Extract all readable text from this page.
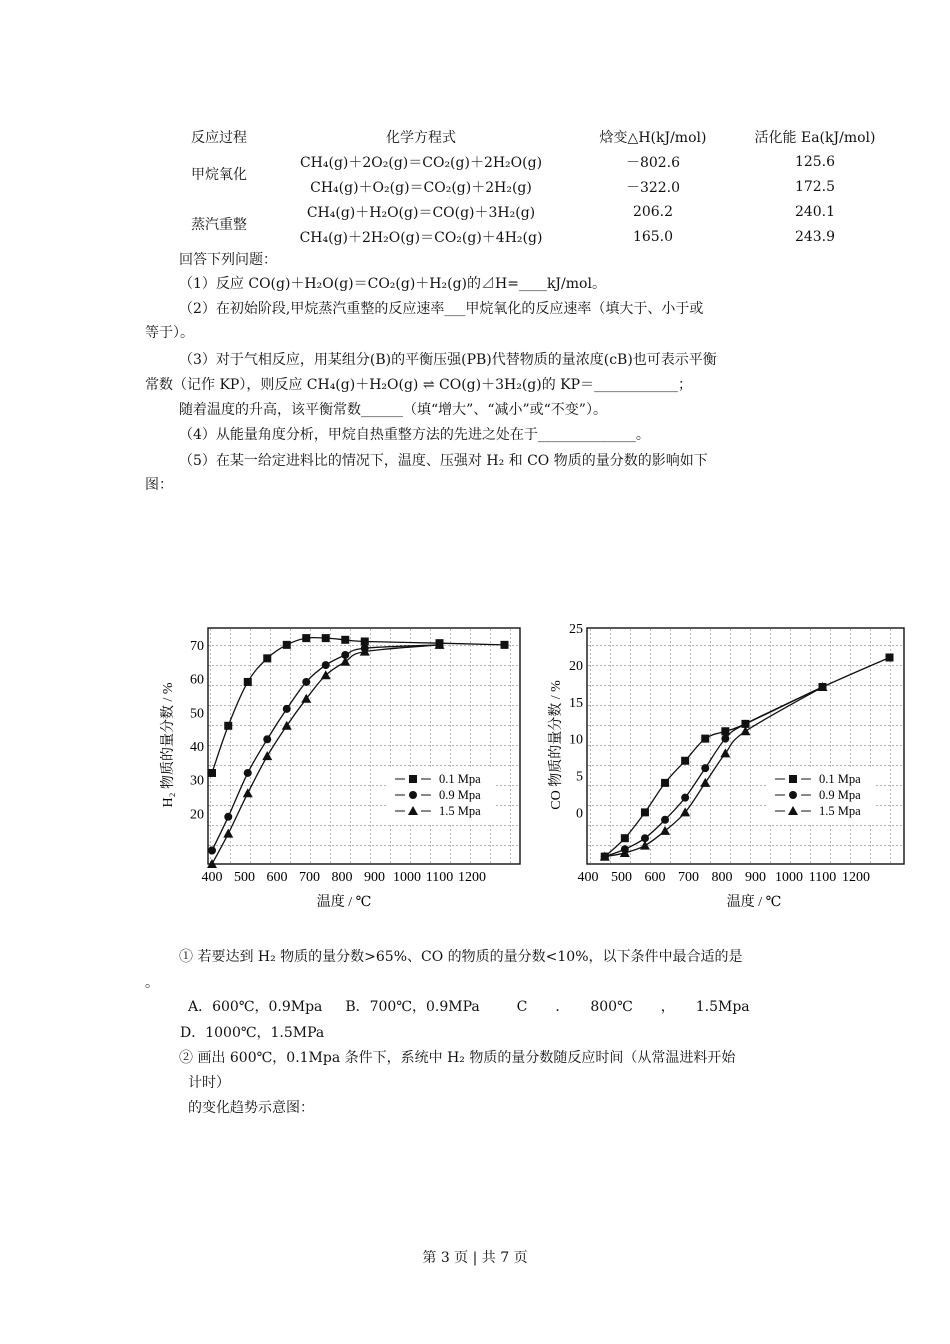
反应过程	化学方程式	焓变△H(kJ/mol)	活化能 Ea(kJ/mol)
甲烷氧化	CH₄(g)＋2O₂(g)＝CO₂(g)＋2H₂O(g)	－802.6	125.6
	CH₄(g)＋O₂(g)＝CO₂(g)＋2H₂(g)	－322.0	172.5
蒸汽重整	CH₄(g)＋H₂O(g)＝CO(g)＋3H₂(g)	206.2	240.1
	CH₄(g)＋2H₂O(g)＝CO₂(g)＋4H₂(g)	165.0	243.9
回答下列问题：
（1）反应 CO(g)＋H₂O(g)＝CO₂(g)＋H₂(g)的⊿H=____kJ/mol。
（2）在初始阶段,甲烷蒸汽重整的反应速率___甲烷氧化的反应速率（填大于、小于或
等于）。
（3）对于气相反应，用某组分(B)的平衡压强(PB)代替物质的量浓度(cB)也可表示平衡
常数（记作 KP），则反应 CH₄(g)＋H₂O(g) ⇌ CO(g)＋3H₂(g)的 KP＝____________；
随着温度的升高，该平衡常数______（填“增大”、“减小”或“不变”）。
（4）从能量角度分析，甲烷自热重整方法的先进之处在于______________。
（5）在某一给定进料比的情况下，温度、压强对 H₂ 和 CO 物质的量分数的影响如下
图：
H₂ 物质的量分数 / %
温度 / ℃
400 500 600 700 800 900 1000 1100 1200
20
30
40
50
60
70
0.1 Mpa
0.9 Mpa
1.5 Mpa
CO 物质的量分数 / %
温度 / ℃
400 500 600 700 800 900 1000 1100 1200
0
5
10
15
20
25
0.1 Mpa
0.9 Mpa
1.5 Mpa
① 若要达到 H₂ 物质的量分数>65%、CO 的物质的量分数<10%，以下条件中最合适的是
。
A．600℃，0.9Mpa B．700℃，0.9MPa	C　　．　　800℃　　，　　1.5Mpa
D．1000℃，1.5MPa
② 画出 600℃，0.1Mpa 条件下，系统中 H₂ 物质的量分数随反应时间（从常温进料开始
计时）
的变化趋势示意图：
第 3 页 | 共 7 页
